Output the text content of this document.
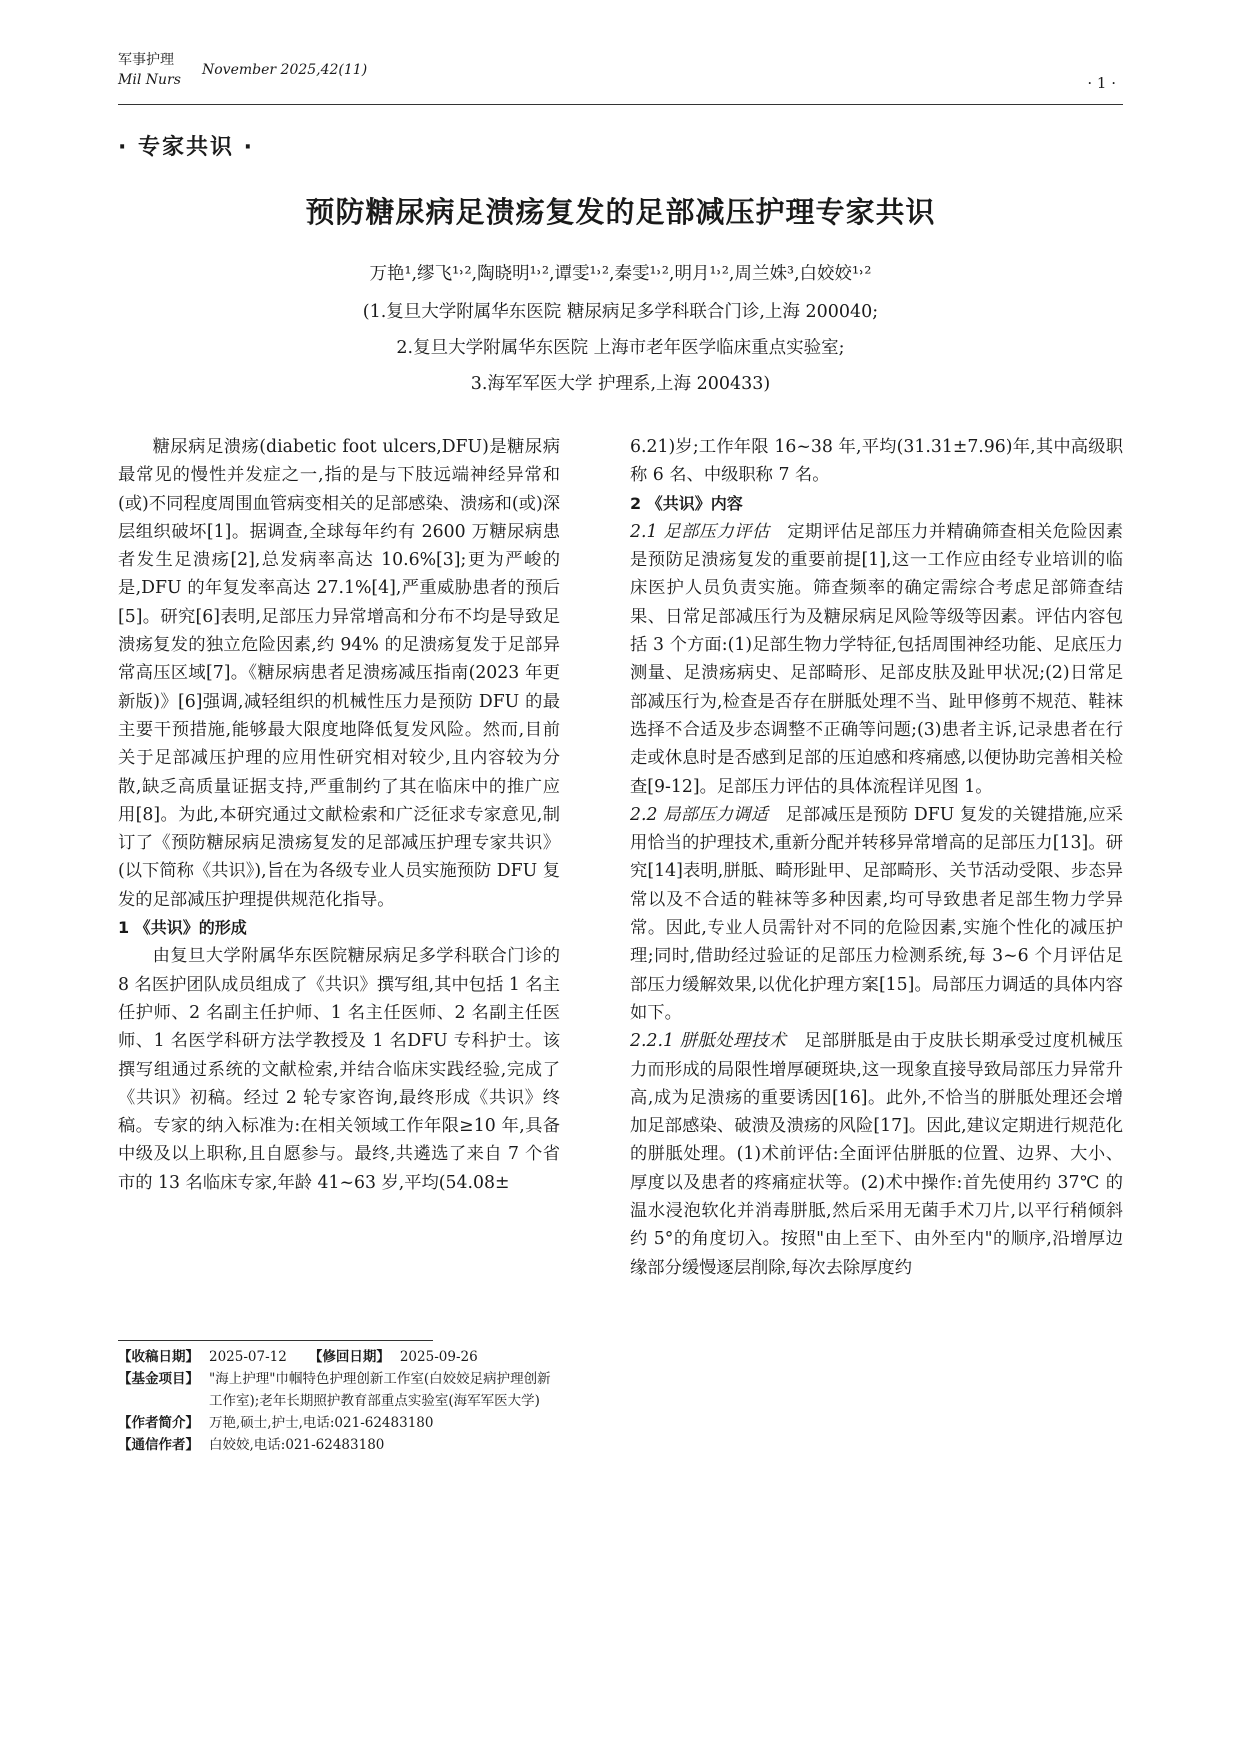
军事护理
Mil Nurs
November 2025,42(11)
· 1 ·
· 专家共识 ·
预防糖尿病足溃疡复发的足部减压护理专家共识
万艳¹,缪飞¹˒²,陶晓明¹˒²,谭雯¹˒²,秦雯¹˒²,明月¹˒²,周兰姝³,白姣姣¹˒²
(1.复旦大学附属华东医院 糖尿病足多学科联合门诊,上海 200040;
2.复旦大学附属华东医院 上海市老年医学临床重点实验室;
3.海军军医大学 护理系,上海 200433)

糖尿病足溃疡(diabetic foot ulcers,DFU)是糖尿病最常见的慢性并发症之一,指的是与下肢远端神经异常和(或)不同程度周围血管病变相关的足部感染、溃疡和(或)深层组织破坏[1]。据调查,全球每年约有 2600 万糖尿病患者发生足溃疡[2],总发病率高达 10.6%[3];更为严峻的是,DFU 的年复发率高达 27.1%[4],严重威胁患者的预后[5]。研究[6]表明,足部压力异常增高和分布不均是导致足溃疡复发的独立危险因素,约 94% 的足溃疡复发于足部异常高压区域[7]。《糖尿病患者足溃疡减压指南(2023 年更新版)》[6]强调,减轻组织的机械性压力是预防 DFU 的最主要干预措施,能够最大限度地降低复发风险。然而,目前关于足部减压护理的应用性研究相对较少,且内容较为分散,缺乏高质量证据支持,严重制约了其在临床中的推广应用[8]。为此,本研究通过文献检索和广泛征求专家意见,制订了《预防糖尿病足溃疡复发的足部减压护理专家共识》(以下简称《共识》),旨在为各级专业人员实施预防 DFU 复发的足部减压护理提供规范化指导。

1 《共识》的形成

由复旦大学附属华东医院糖尿病足多学科联合门诊的 8 名医护团队成员组成了《共识》撰写组,其中包括 1 名主任护师、2 名副主任护师、1 名主任医师、2 名副主任医师、1 名医学科研方法学教授及 1 名DFU 专科护士。该撰写组通过系统的文献检索,并结合临床实践经验,完成了《共识》初稿。经过 2 轮专家咨询,最终形成《共识》终稿。专家的纳入标准为:在相关领域工作年限≥10 年,具备中级及以上职称,且自愿参与。最终,共遴选了来自 7 个省市的 13 名临床专家,年龄 41~63 岁,平均(54.08±

【收稿日期】 2025-07-12 【修回日期】 2025-09-26
【基金项目】 "海上护理"巾帼特色护理创新工作室(白姣姣足病护理创新工作室);老年长期照护教育部重点实验室(海军军医大学)
【作者简介】 万艳,硕士,护士,电话:021-62483180
【通信作者】 白姣姣,电话:021-62483180

6.21)岁;工作年限 16~38 年,平均(31.31±7.96)年,其中高级职称 6 名、中级职称 7 名。

2 《共识》内容

2.1 足部压力评估  定期评估足部压力并精确筛查相关危险因素是预防足溃疡复发的重要前提[1],这一工作应由经专业培训的临床医护人员负责实施。筛查频率的确定需综合考虑足部筛查结果、日常足部减压行为及糖尿病足风险等级等因素。评估内容包括 3 个方面:(1)足部生物力学特征,包括周围神经功能、足底压力测量、足溃疡病史、足部畸形、足部皮肤及趾甲状况;(2)日常足部减压行为,检查是否存在胼胝处理不当、趾甲修剪不规范、鞋袜选择不合适及步态调整不正确等问题;(3)患者主诉,记录患者在行走或休息时是否感到足部的压迫感和疼痛感,以便协助完善相关检查[9-12]。足部压力评估的具体流程详见图 1。

2.2 局部压力调适  足部减压是预防 DFU 复发的关键措施,应采用恰当的护理技术,重新分配并转移异常增高的足部压力[13]。研究[14]表明,胼胝、畸形趾甲、足部畸形、关节活动受限、步态异常以及不合适的鞋袜等多种因素,均可导致患者足部生物力学异常。因此,专业人员需针对不同的危险因素,实施个性化的减压护理;同时,借助经过验证的足部压力检测系统,每 3~6 个月评估足部压力缓解效果,以优化护理方案[15]。局部压力调适的具体内容如下。

2.2.1 胼胝处理技术  足部胼胝是由于皮肤长期承受过度机械压力而形成的局限性增厚硬斑块,这一现象直接导致局部压力异常升高,成为足溃疡的重要诱因[16]。此外,不恰当的胼胝处理还会增加足部感染、破溃及溃疡的风险[17]。因此,建议定期进行规范化的胼胝处理。(1)术前评估:全面评估胼胝的位置、边界、大小、厚度以及患者的疼痛症状等。(2)术中操作:首先使用约 37℃ 的温水浸泡软化并消毒胼胝,然后采用无菌手术刀片,以平行稍倾斜约 5°的角度切入。按照"由上至下、由外至内"的顺序,沿增厚边缘部分缓慢逐层削除,每次去除厚度约
